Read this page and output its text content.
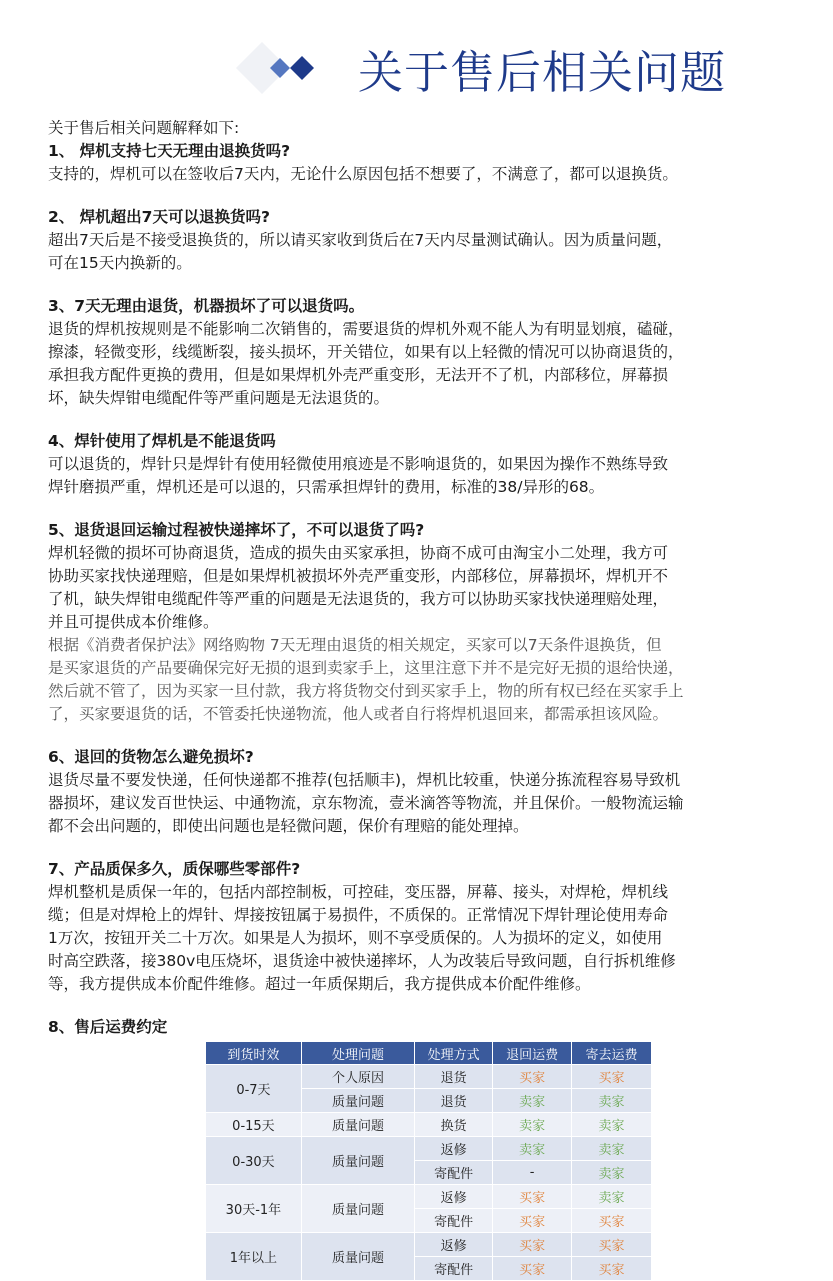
关于售后相关问题
关于售后相关问题解释如下:
1、 焊机支持七天无理由退换货吗?
支持的，焊机可以在签收后7天内，无论什么原因包括不想要了，不满意了，都可以退换货。
2、 焊机超出7天可以退换货吗?
超出7天后是不接受退换货的，所以请买家收到货后在7天内尽量测试确认。因为质量问题，
可在15天内换新的。
3、7天无理由退货，机器损坏了可以退货吗。
退货的焊机按规则是不能影响二次销售的，需要退货的焊机外观不能人为有明显划痕，磕碰，
擦漆，轻微变形，线缆断裂，接头损坏，开关错位，如果有以上轻微的情况可以协商退货的，
承担我方配件更换的费用，但是如果焊机外壳严重变形，无法开不了机，内部移位，屏幕损
坏，缺失焊钳电缆配件等严重问题是无法退货的。
4、焊针使用了焊机是不能退货吗
可以退货的，焊针只是焊针有使用轻微使用痕迹是不影响退货的，如果因为操作不熟练导致
焊针磨损严重，焊机还是可以退的，只需承担焊针的费用，标准的38/异形的68。
5、退货退回运输过程被快递摔坏了，不可以退货了吗?
焊机轻微的损坏可协商退货，造成的损失由买家承担，协商不成可由淘宝小二处理，我方可
协助买家找快递理赔，但是如果焊机被损坏外壳严重变形，内部移位，屏幕损坏，焊机开不
了机，缺失焊钳电缆配件等严重的问题是无法退货的，我方可以协助买家找快递理赔处理，
并且可提供成本价维修。
根据《消费者保护法》网络购物 7天无理由退货的相关规定，买家可以7天条件退换货，但
是买家退货的产品要确保完好无损的退到卖家手上，这里注意下并不是完好无损的退给快递，
然后就不管了，因为买家一旦付款，我方将货物交付到买家手上，物的所有权已经在买家手上
了，买家要退货的话，不管委托快递物流，他人或者自行将焊机退回来，都需承担该风险。
6、退回的货物怎么避免损坏?
退货尽量不要发快递，任何快递都不推荐(包括顺丰)，焊机比较重，快递分拣流程容易导致机
器损坏，建议发百世快运、中通物流，京东物流，壹米滴答等物流，并且保价。一般物流运输
都不会出问题的，即使出问题也是轻微问题，保价有理赔的能处理掉。
7、产品质保多久，质保哪些零部件?
焊机整机是质保一年的，包括内部控制板，可控硅，变压器，屏幕、接头，对焊枪，焊机线
缆；但是对焊枪上的焊针、焊接按钮属于易损件，不质保的。正常情况下焊针理论使用寿命
1万次，按钮开关二十万次。如果是人为损坏，则不享受质保的。人为损坏的定义，如使用
时高空跌落，接380v电压烧坏，退货途中被快递摔坏，人为改装后导致问题，自行拆机维修
等，我方提供成本价配件维修。超过一年质保期后，我方提供成本价配件维修。
8、售后运费约定
到货时效	处理问题	处理方式	退回运费	寄去运费
0-7天	个人原因	退货	买家	买家
	质量问题	退货	卖家	卖家
0-15天	质量问题	换货	卖家	卖家
0-30天	质量问题	返修	卖家	卖家
		寄配件	-	卖家
30天-1年	质量问题	返修	买家	卖家
		寄配件	买家	买家
1年以上	质量问题	返修	买家	买家
		寄配件	买家	买家
